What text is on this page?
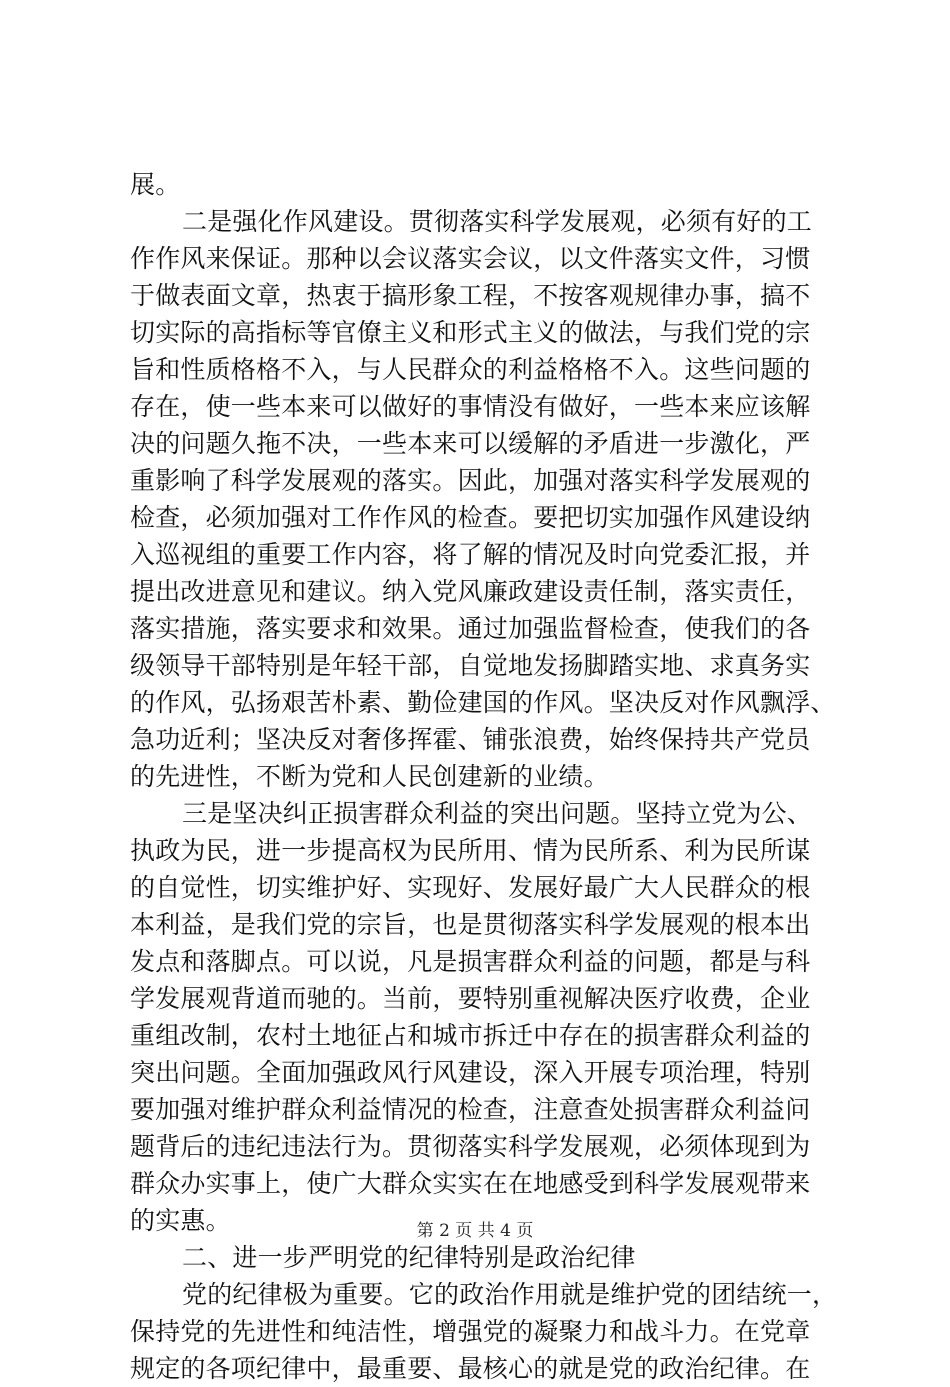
展。
二是强化作风建设。贯彻落实科学发展观，必须有好的工
作作风来保证。那种以会议落实会议，以文件落实文件，习惯
于做表面文章，热衷于搞形象工程，不按客观规律办事，搞不
切实际的高指标等官僚主义和形式主义的做法，与我们党的宗
旨和性质格格不入，与人民群众的利益格格不入。这些问题的
存在，使一些本来可以做好的事情没有做好，一些本来应该解
决的问题久拖不决，一些本来可以缓解的矛盾进一步激化，严
重影响了科学发展观的落实。因此，加强对落实科学发展观的
检查，必须加强对工作作风的检查。要把切实加强作风建设纳
入巡视组的重要工作内容，将了解的情况及时向党委汇报，并
提出改进意见和建议。纳入党风廉政建设责任制，落实责任，
落实措施，落实要求和效果。通过加强监督检查，使我们的各
级领导干部特别是年轻干部，自觉地发扬脚踏实地、求真务实
的作风，弘扬艰苦朴素、勤俭建国的作风。坚决反对作风飘浮、
急功近利；坚决反对奢侈挥霍、铺张浪费，始终保持共产党员
的先进性，不断为党和人民创建新的业绩。
三是坚决纠正损害群众利益的突出问题。坚持立党为公、
执政为民，进一步提高权为民所用、情为民所系、利为民所谋
的自觉性，切实维护好、实现好、发展好最广大人民群众的根
本利益，是我们党的宗旨，也是贯彻落实科学发展观的根本出
发点和落脚点。可以说，凡是损害群众利益的问题，都是与科
学发展观背道而驰的。当前，要特别重视解决医疗收费，企业
重组改制，农村土地征占和城市拆迁中存在的损害群众利益的
突出问题。全面加强政风行风建设，深入开展专项治理，特别
要加强对维护群众利益情况的检查，注意查处损害群众利益问
题背后的违纪违法行为。贯彻落实科学发展观，必须体现到为
群众办实事上，使广大群众实实在在地感受到科学发展观带来
的实惠。
二、进一步严明党的纪律特别是政治纪律
党的纪律极为重要。它的政治作用就是维护党的团结统一，
保持党的先进性和纯洁性，增强党的凝聚力和战斗力。在党章
规定的各项纪律中，最重要、最核心的就是党的政治纪律。在
第 2 页 共 4 页
